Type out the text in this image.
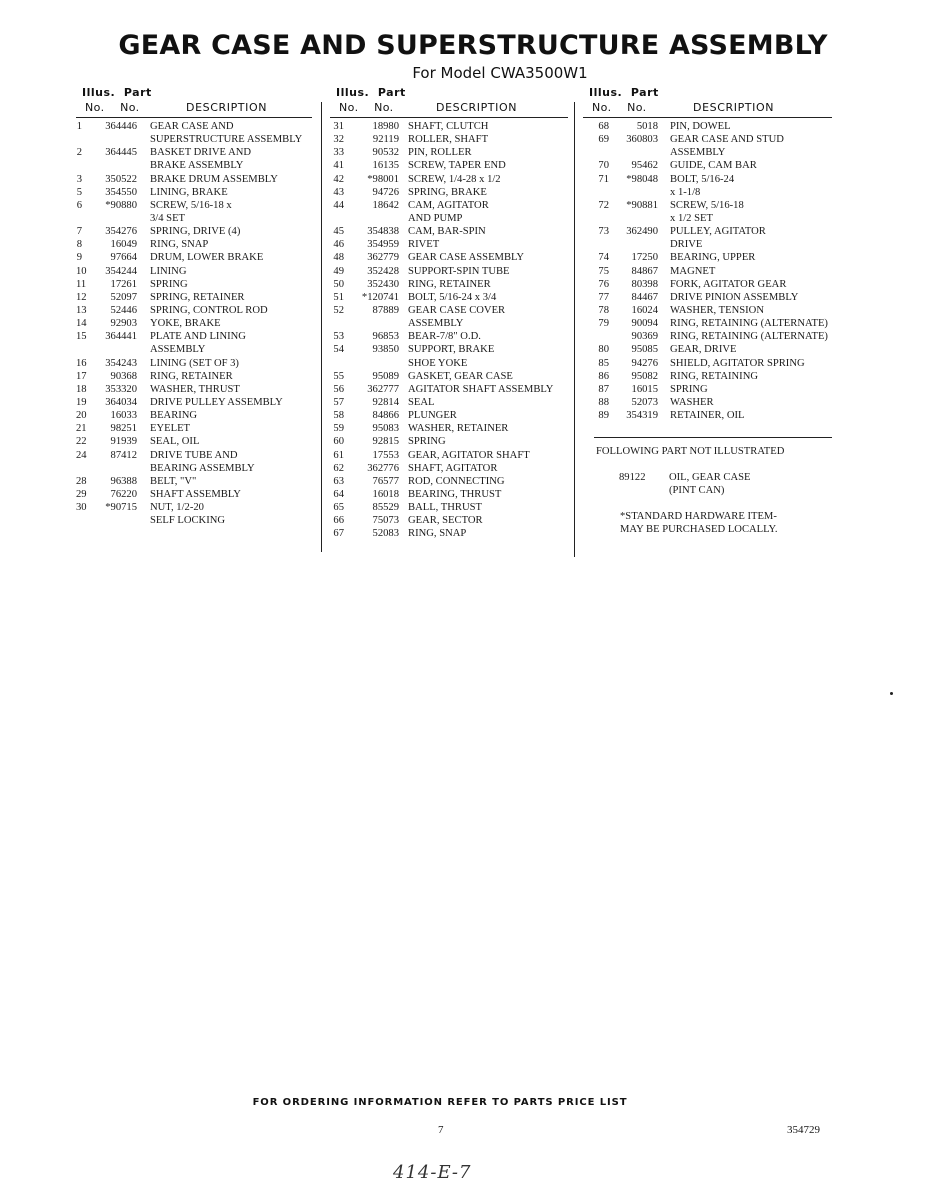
GEAR CASE AND SUPERSTRUCTURE ASSEMBLY
For Model CWA3500W1
Illus. Part
No. No.	DESCRIPTION
1	364446 GEAR CASE AND
SUPERSTRUCTURE ASSEMBLY
2	364445 BASKET DRIVE AND
BRAKE ASSEMBLY
3	350522 BRAKE DRUM ASSEMBLY
5	354550 LINING, BRAKE
6	*90880 SCREW, 5/16-18 x
3/4 SET
7	354276 SPRING, DRIVE (4)
8	16049 RING, SNAP
9	97664 DRUM, LOWER BRAKE
10	354244 LINING
11	17261 SPRING
12	52097 SPRING, RETAINER
13	52446 SPRING, CONTROL ROD
14	92903 YOKE, BRAKE
15	364441 PLATE AND LINING
ASSEMBLY
16	354243 LINING (SET OF 3)
17	90368 RING, RETAINER
18	353320 WASHER, THRUST
19	364034 DRIVE PULLEY ASSEMBLY
20	16033 BEARING
21	98251 EYELET
22	91939 SEAL, OIL
24	87412 DRIVE TUBE AND
BEARING ASSEMBLY
28	96388 BELT, "V"
29	76220 SHAFT ASSEMBLY
30	*90715 NUT, 1/2-20
SELF LOCKING
Illus. Part
No. No.	DESCRIPTION
31	18980 SHAFT, CLUTCH
32	92119 ROLLER, SHAFT
33	90532 PIN, ROLLER
41	16135 SCREW, TAPER END
42	*98001 SCREW, 1/4-28 x 1/2
43	94726 SPRING, BRAKE
44	18642 CAM, AGITATOR
AND PUMP
45	354838 CAM, BAR-SPIN
46	354959 RIVET
48	362779 GEAR CASE ASSEMBLY
49	352428 SUPPORT-SPIN TUBE
50	352430 RING, RETAINER
51	*120741 BOLT, 5/16-24 x 3/4
52	87889 GEAR CASE COVER
ASSEMBLY
53	96853 BEAR-7/8" O.D.
54	93850 SUPPORT, BRAKE
SHOE YOKE
55	95089 GASKET, GEAR CASE
56	362777 AGITATOR SHAFT ASSEMBLY
57	92814 SEAL
58	84866 PLUNGER
59	95083 WASHER, RETAINER
60	92815 SPRING
61	17553 GEAR, AGITATOR SHAFT
62	362776 SHAFT, AGITATOR
63	76577 ROD, CONNECTING
64	16018 BEARING, THRUST
65	85529 BALL, THRUST
66	75073 GEAR, SECTOR
67	52083 RING, SNAP
Illus. Part
No. No.	DESCRIPTION
68	5018 PIN, DOWEL
69	360803 GEAR CASE AND STUD
ASSEMBLY
70	95462 GUIDE, CAM BAR
71	*98048 BOLT, 5/16-24
x 1-1/8
72	*90881 SCREW, 5/16-18
x 1/2 SET
73	362490 PULLEY, AGITATOR
DRIVE
74	17250 BEARING, UPPER
75	84867 MAGNET
76	80398 FORK, AGITATOR GEAR
77	84467 DRIVE PINION ASSEMBLY
78	16024 WASHER, TENSION
79	90094 RING, RETAINING (ALTERNATE)
90369 RING, RETAINING (ALTERNATE)
80	95085 GEAR, DRIVE
85	94276 SHIELD, AGITATOR SPRING
86	95082 RING, RETAINING
87	16015 SPRING
88	52073 WASHER
89	354319 RETAINER, OIL
FOLLOWING PART NOT ILLUSTRATED
89122 OIL, GEAR CASE
(PINT CAN)
*STANDARD HARDWARE ITEM-
MAY BE PURCHASED LOCALLY.
FOR ORDERING INFORMATION REFER TO PARTS PRICE LIST
7	354729
414-E-7
